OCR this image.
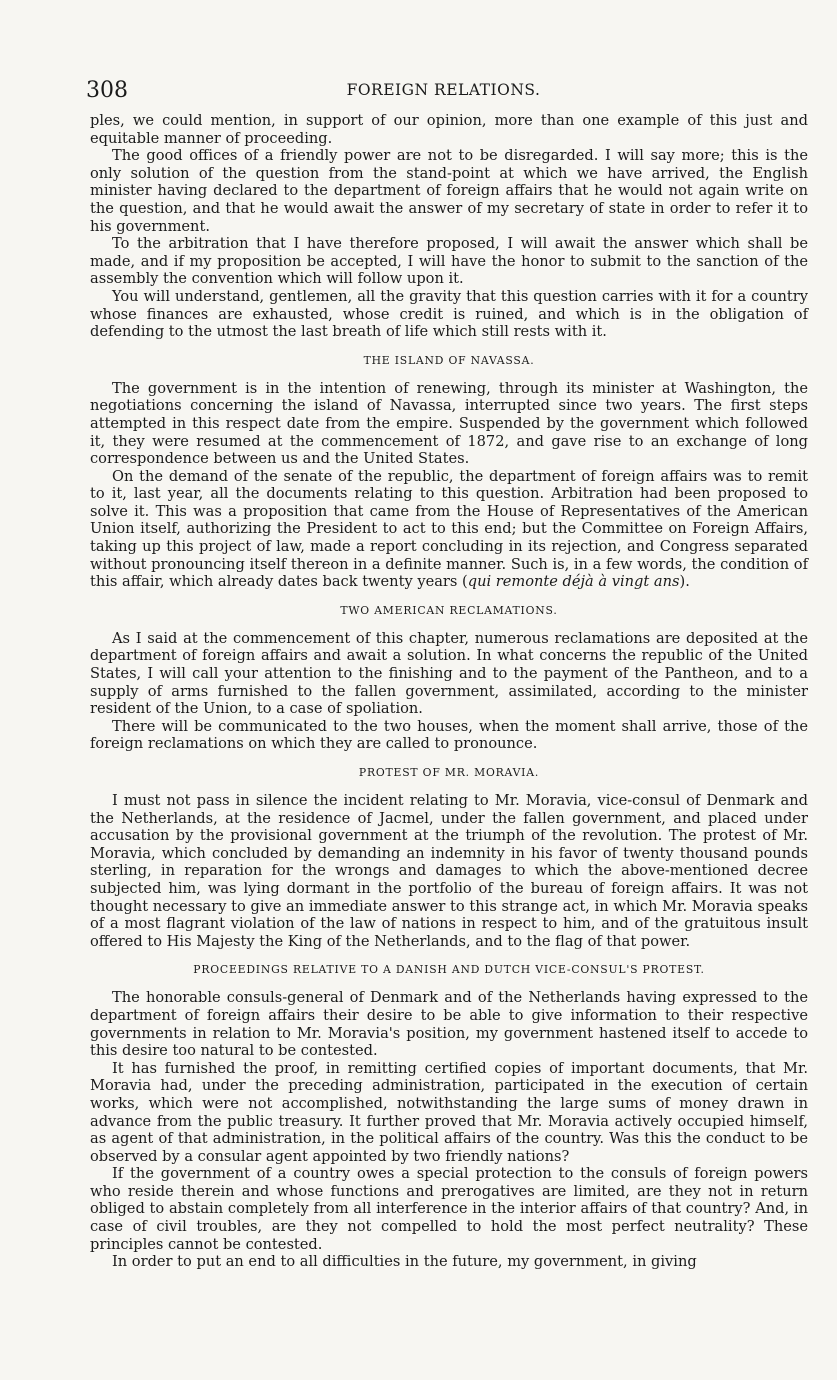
308	FOREIGN RELATIONS.

ples, we could mention, in support of our opinion, more than one example of this just and equitable manner of proceeding.

The good offices of a friendly power are not to be disregarded. I will say more; this is the only solution of the question from the stand-point at which we have arrived, the English minister having declared to the department of foreign affairs that he would not again write on the question, and that he would await the answer of my secretary of state in order to refer it to his government.

To the arbitration that I have therefore proposed, I will await the answer which shall be made, and if my proposition be accepted, I will have the honor to submit to the sanction of the assembly the convention which will follow upon it.

You will understand, gentlemen, all the gravity that this question carries with it for a country whose finances are exhausted, whose credit is ruined, and which is in the obligation of defending to the utmost the last breath of life which still rests with it.

THE ISLAND OF NAVASSA.

The government is in the intention of renewing, through its minister at Washington, the negotiations concerning the island of Navassa, interrupted since two years. The first steps attempted in this respect date from the empire. Suspended by the government which followed it, they were resumed at the commencement of 1872, and gave rise to an exchange of long correspondence between us and the United States.

On the demand of the senate of the republic, the department of foreign affairs was to remit to it, last year, all the documents relating to this question. Arbitration had been proposed to solve it. This was a proposition that came from the House of Representatives of the American Union itself, authorizing the President to act to this end; but the Committee on Foreign Affairs, taking up this project of law, made a report concluding in its rejection, and Congress separated without pronouncing itself thereon in a definite manner. Such is, in a few words, the condition of this affair, which already dates back twenty years (qui remonte déjà à vingt ans).

TWO AMERICAN RECLAMATIONS.

As I said at the commencement of this chapter, numerous reclamations are deposited at the department of foreign affairs and await a solution. In what concerns the republic of the United States, I will call your attention to the finishing and to the payment of the Pantheon, and to a supply of arms furnished to the fallen government, assimilated, according to the minister resident of the Union, to a case of spoliation.

There will be communicated to the two houses, when the moment shall arrive, those of the foreign reclamations on which they are called to pronounce.

PROTEST OF MR. MORAVIA.

I must not pass in silence the incident relating to Mr. Moravia, vice-consul of Denmark and the Netherlands, at the residence of Jacmel, under the fallen government, and placed under accusation by the provisional government at the triumph of the revolution. The protest of Mr. Moravia, which concluded by demanding an indemnity in his favor of twenty thousand pounds sterling, in reparation for the wrongs and damages to which the above-mentioned decree subjected him, was lying dormant in the portfolio of the bureau of foreign affairs. It was not thought necessary to give an immediate answer to this strange act, in which Mr. Moravia speaks of a most flagrant violation of the law of nations in respect to him, and of the gratuitous insult offered to His Majesty the King of the Netherlands, and to the flag of that power.

PROCEEDINGS RELATIVE TO A DANISH AND DUTCH VICE-CONSUL'S PROTEST.

The honorable consuls-general of Denmark and of the Netherlands having expressed to the department of foreign affairs their desire to be able to give information to their respective governments in relation to Mr. Moravia's position, my government hastened itself to accede to this desire too natural to be contested.

It has furnished the proof, in remitting certified copies of important documents, that Mr. Moravia had, under the preceding administration, participated in the execution of certain works, which were not accomplished, notwithstanding the large sums of money drawn in advance from the public treasury. It further proved that Mr. Moravia actively occupied himself, as agent of that administration, in the political affairs of the country. Was this the conduct to be observed by a consular agent appointed by two friendly nations?

If the government of a country owes a special protection to the consuls of foreign powers who reside therein and whose functions and prerogatives are limited, are they not in return obliged to abstain completely from all interference in the interior affairs of that country? And, in case of civil troubles, are they not compelled to hold the most perfect neutrality? These principles cannot be contested.

In order to put an end to all difficulties in the future, my government, in giving
